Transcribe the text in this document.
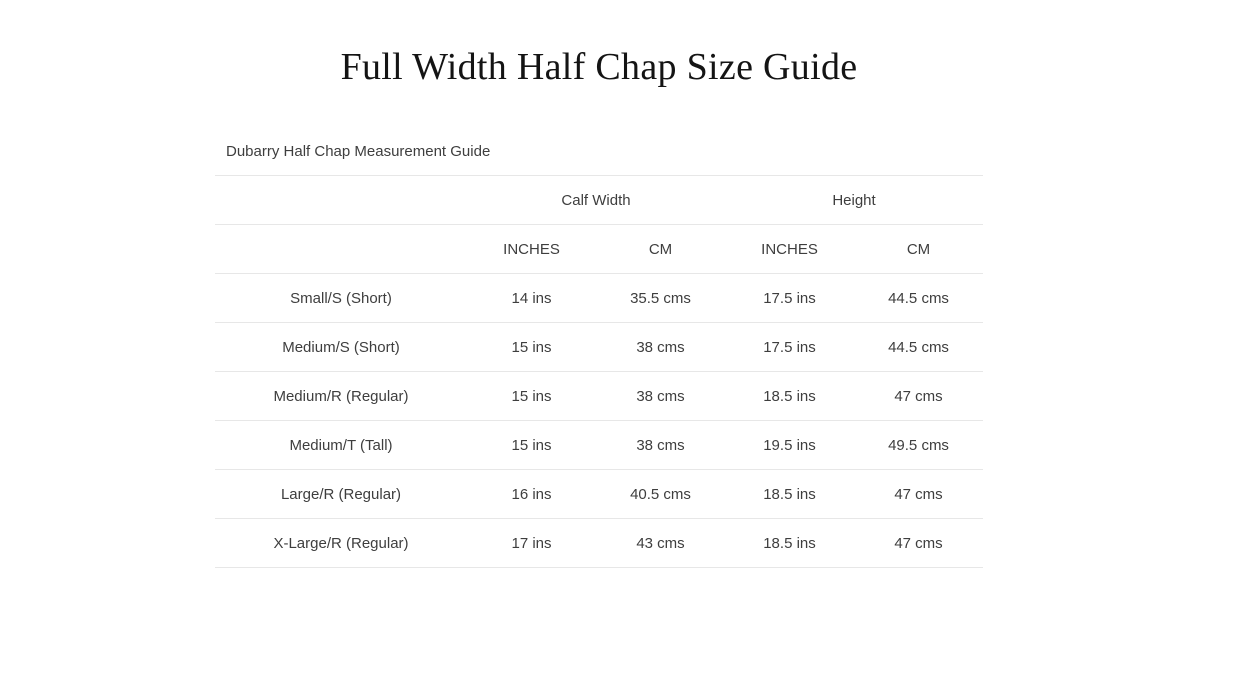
Full Width Half Chap Size Guide

Dubarry Half Chap Measurement Guide

	Calf Width		Height	
	INCHES	CM	INCHES	CM
Small/S (Short)	14 ins	35.5 cms	17.5 ins	44.5 cms
Medium/S (Short)	15 ins	38 cms	17.5 ins	44.5 cms
Medium/R (Regular)	15 ins	38 cms	18.5 ins	47 cms
Medium/T (Tall)	15 ins	38 cms	19.5 ins	49.5 cms
Large/R (Regular)	16 ins	40.5 cms	18.5 ins	47 cms
X-Large/R (Regular)	17 ins	43 cms	18.5 ins	47 cms
